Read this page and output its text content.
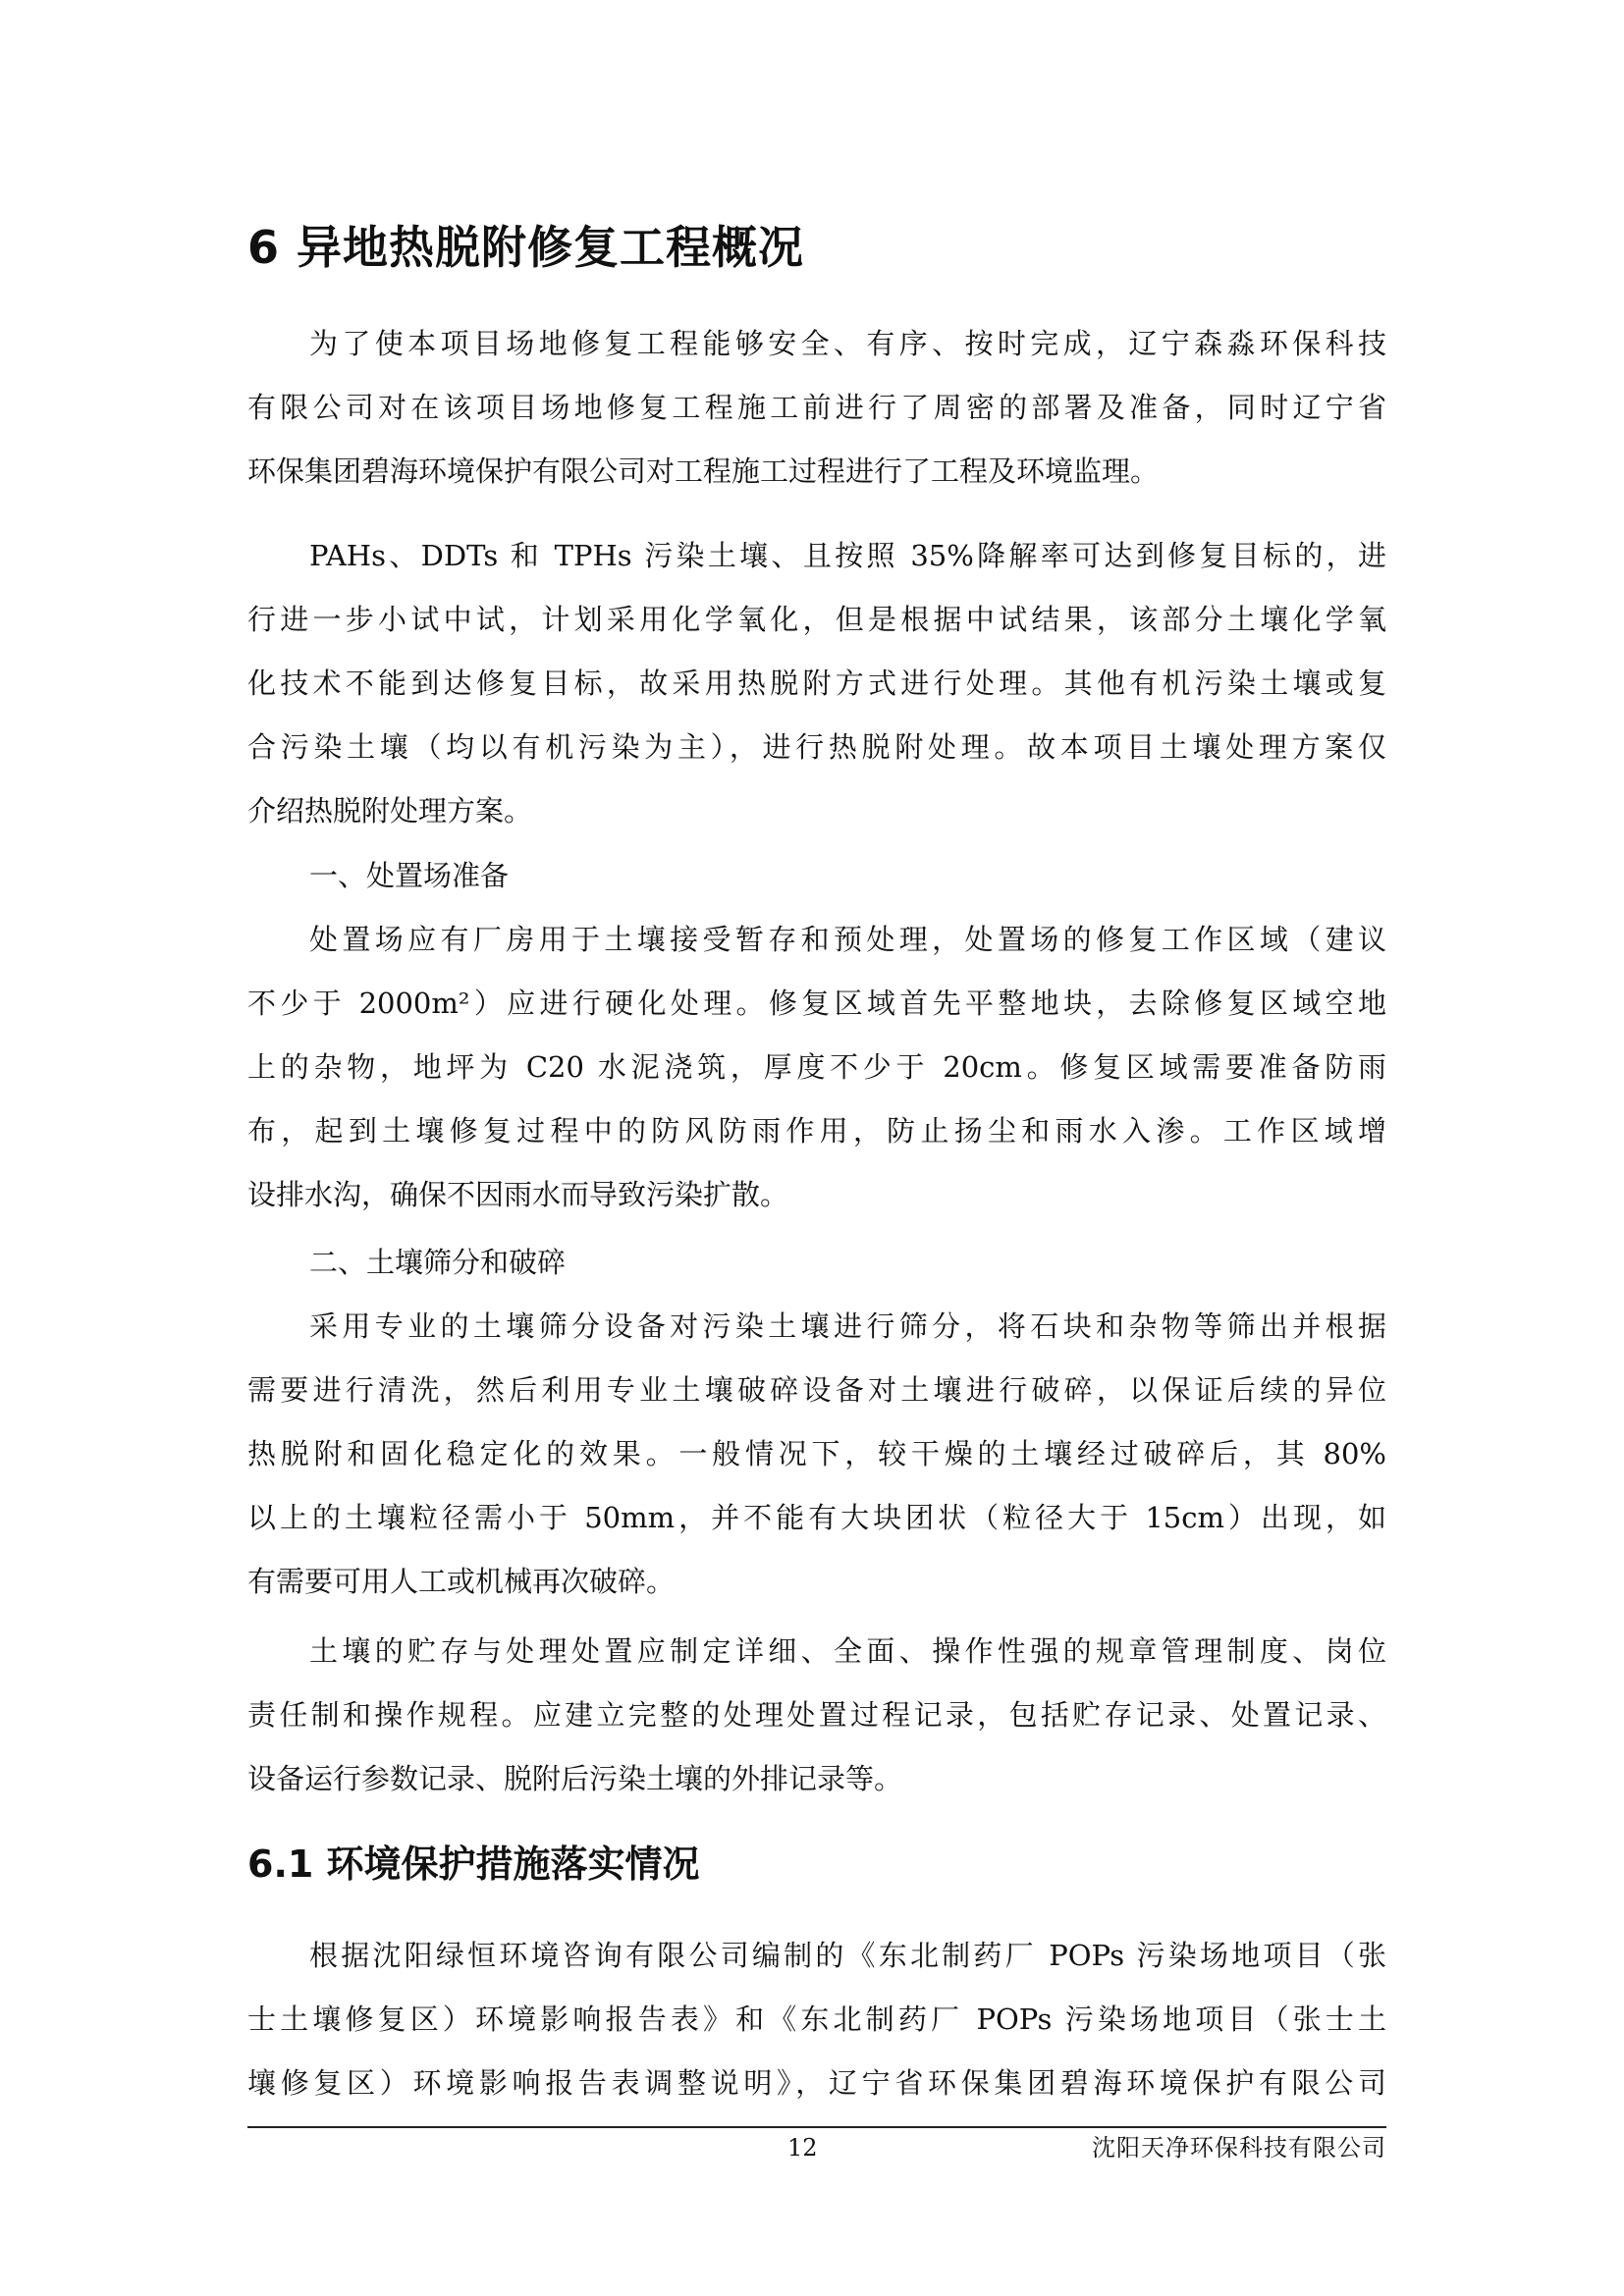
6 异地热脱附修复工程概况
为了使本项目场地修复工程能够安全、有序、按时完成，辽宁森淼环保科技
有限公司对在该项目场地修复工程施工前进行了周密的部署及准备，同时辽宁省
环保集团碧海环境保护有限公司对工程施工过程进行了工程及环境监理。
PAHs、DDTs 和 TPHs 污染土壤、且按照 35%降解率可达到修复目标的，进
行进一步小试中试，计划采用化学氧化，但是根据中试结果，该部分土壤化学氧
化技术不能到达修复目标，故采用热脱附方式进行处理。其他有机污染土壤或复
合污染土壤（均以有机污染为主），进行热脱附处理。故本项目土壤处理方案仅
介绍热脱附处理方案。
一、处置场准备
处置场应有厂房用于土壤接受暂存和预处理，处置场的修复工作区域（建议
不少于 2000m²）应进行硬化处理。修复区域首先平整地块，去除修复区域空地
上的杂物，地坪为 C20 水泥浇筑，厚度不少于 20cm。修复区域需要准备防雨
布，起到土壤修复过程中的防风防雨作用，防止扬尘和雨水入渗。工作区域增
设排水沟，确保不因雨水而导致污染扩散。
二、土壤筛分和破碎
采用专业的土壤筛分设备对污染土壤进行筛分，将石块和杂物等筛出并根据
需要进行清洗，然后利用专业土壤破碎设备对土壤进行破碎，以保证后续的异位
热脱附和固化稳定化的效果。一般情况下，较干燥的土壤经过破碎后，其 80%
以上的土壤粒径需小于 50mm，并不能有大块团状（粒径大于 15cm）出现，如
有需要可用人工或机械再次破碎。
土壤的贮存与处理处置应制定详细、全面、操作性强的规章管理制度、岗位
责任制和操作规程。应建立完整的处理处置过程记录，包括贮存记录、处置记录、
设备运行参数记录、脱附后污染土壤的外排记录等。
6.1 环境保护措施落实情况
根据沈阳绿恒环境咨询有限公司编制的《东北制药厂 POPs 污染场地项目（张
士土壤修复区）环境影响报告表》和《东北制药厂 POPs 污染场地项目（张士土
壤修复区）环境影响报告表调整说明》，辽宁省环保集团碧海环境保护有限公司
12	沈阳天净环保科技有限公司
